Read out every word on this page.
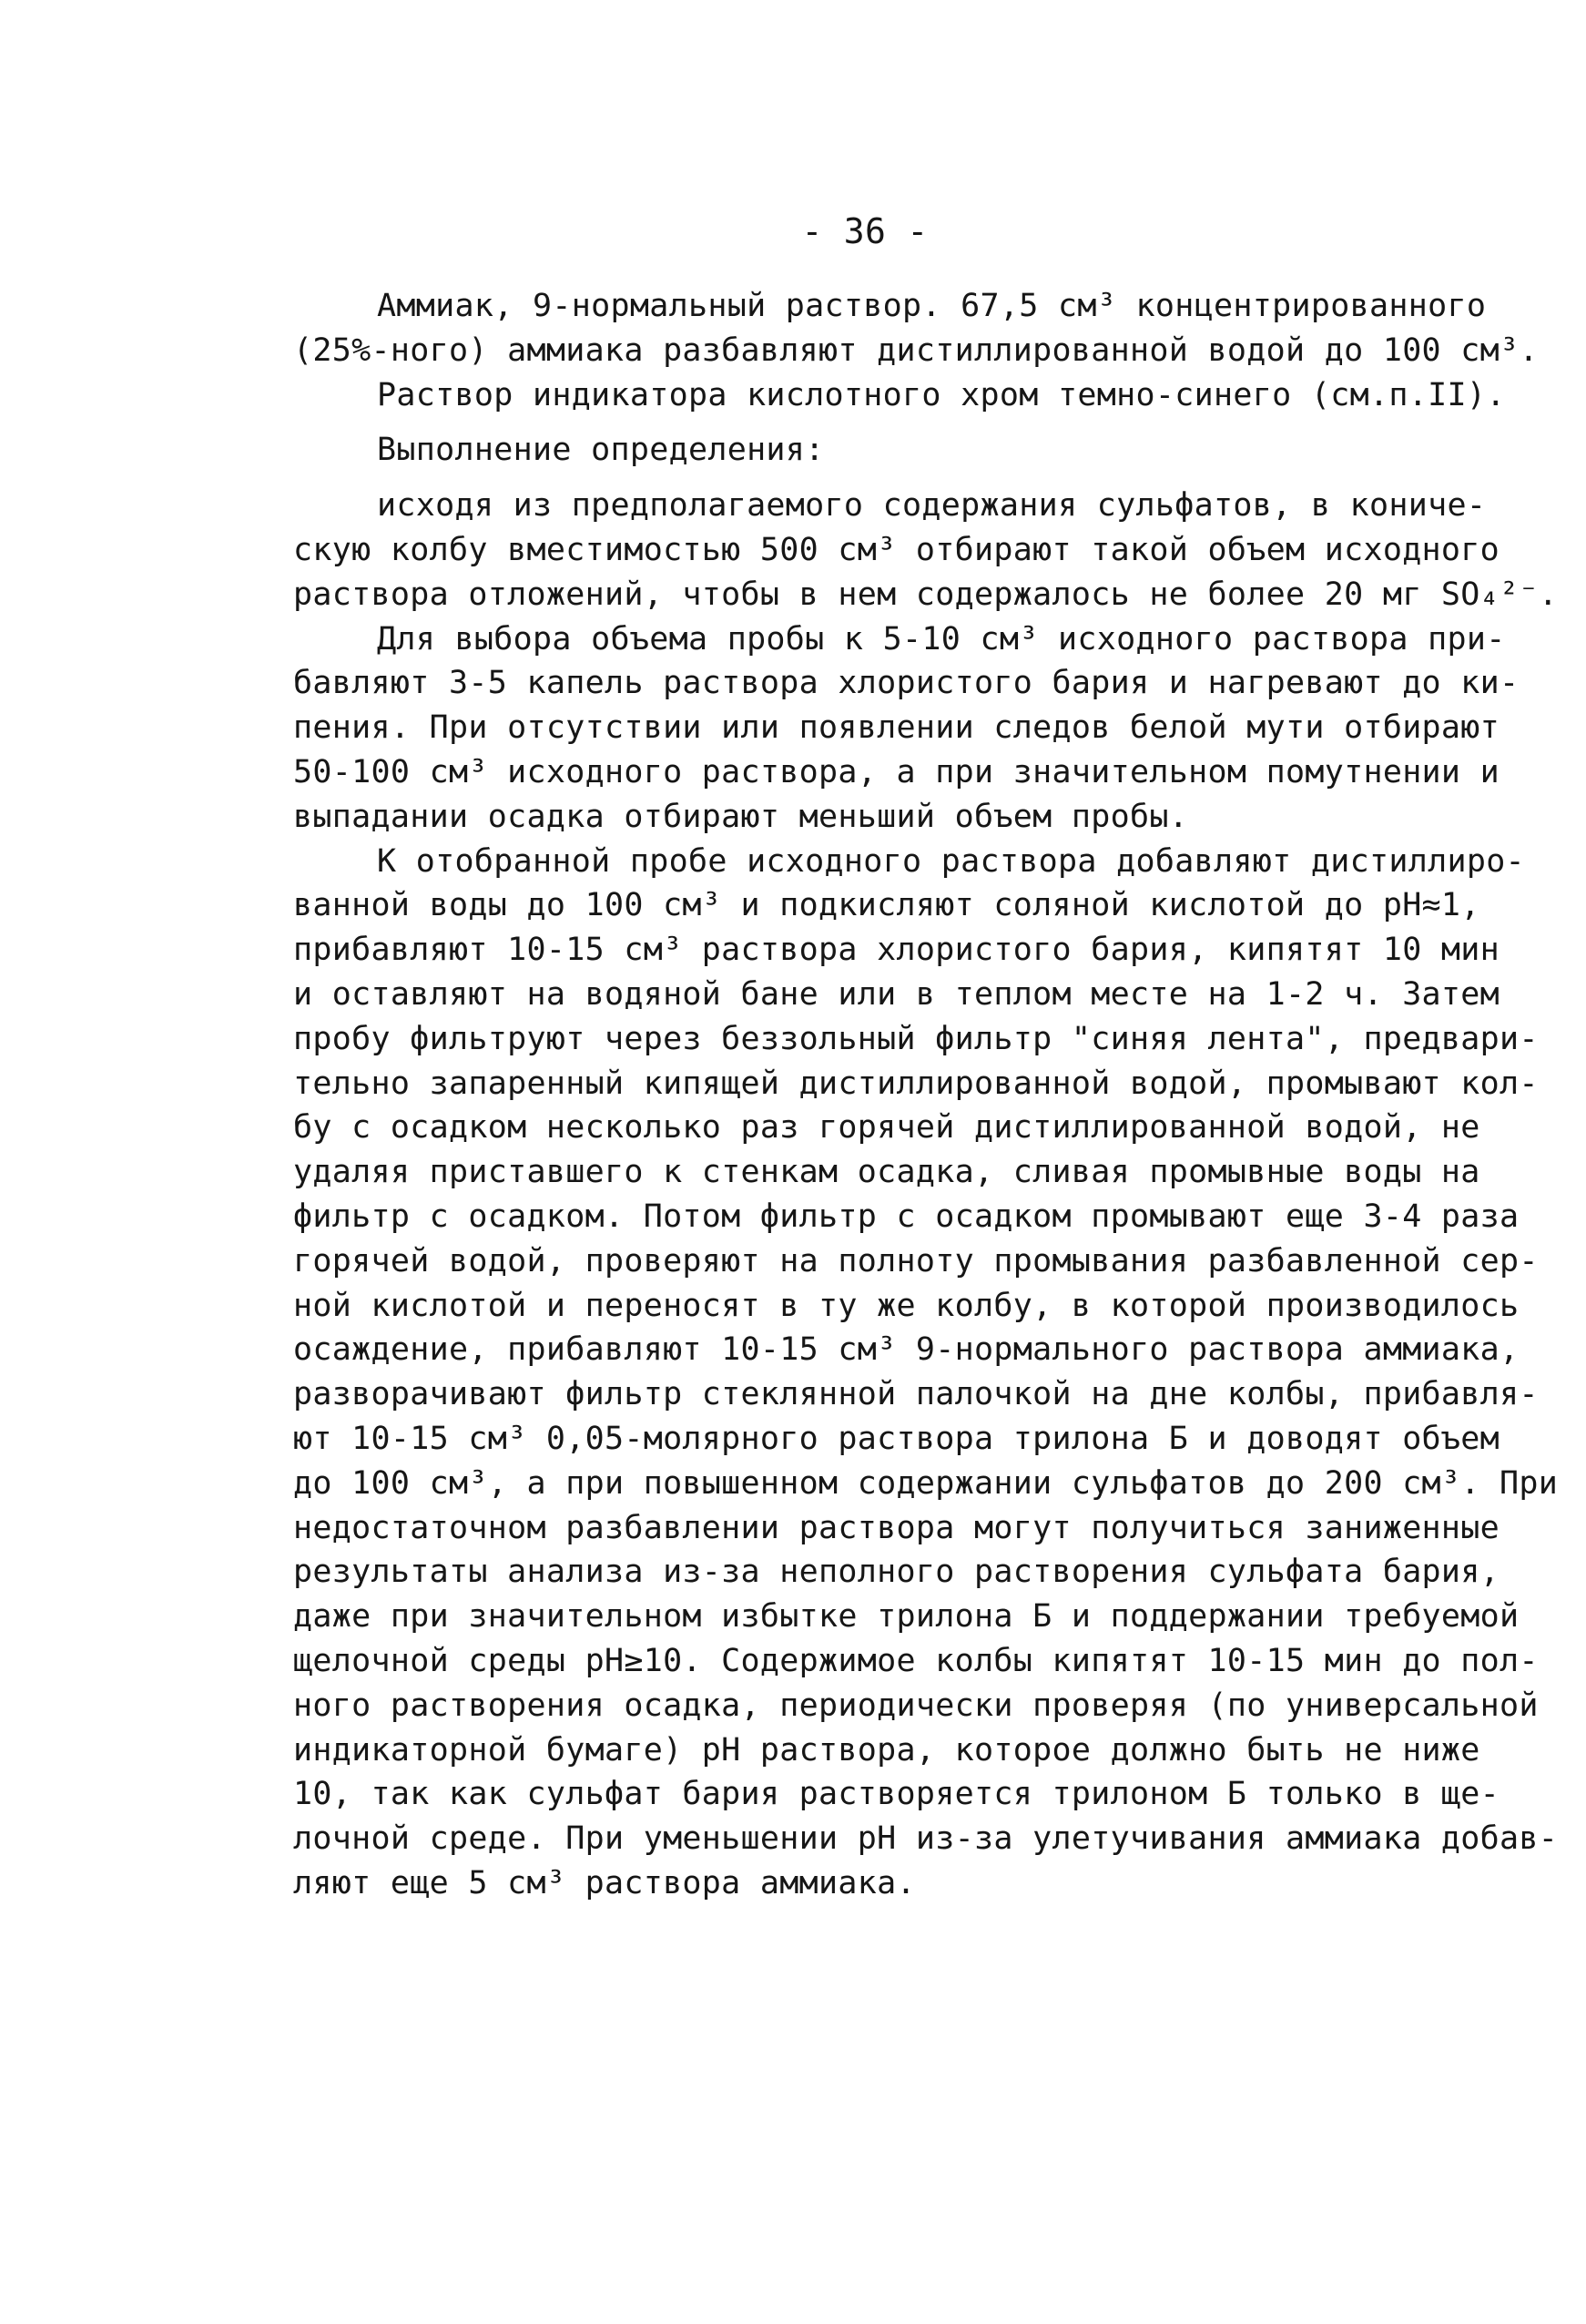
- 36 -
Аммиак, 9-нормальный раствор. 67,5 см³ концентрированного
(25%-ного) аммиака разбавляют дистиллированной водой до 100 см³.
Раствор индикатора кислотного хром темно-синего (см.п.II).
Выполнение определения:
исходя из предполагаемого содержания сульфатов, в кониче-
скую колбу вместимостью 500 см³ отбирают такой объем исходного
раствора отложений, чтобы в нем содержалось не более 20 мг SO₄²⁻.
Для выбора объема пробы к 5-10 см³ исходного раствора при-
бавляют 3-5 капель раствора хлористого бария и нагревают до ки-
пения. При отсутствии или появлении следов белой мути отбирают
50-100 см³ исходного раствора, а при значительном помутнении и
выпадании осадка отбирают меньший объем пробы.
К отобранной пробе исходного раствора добавляют дистиллиро-
ванной воды до 100 см³ и подкисляют соляной кислотой до pH≈1,
прибавляют 10-15 см³ раствора хлористого бария, кипятят 10 мин
и оставляют на водяной бане или в теплом месте на 1-2 ч. Затем
пробу фильтруют через беззольный фильтр "синяя лента", предвари-
тельно запаренный кипящей дистиллированной водой, промывают кол-
бу с осадком несколько раз горячей дистиллированной водой, не
удаляя приставшего к стенкам осадка, сливая промывные воды на
фильтр с осадком. Потом фильтр с осадком промывают еще 3-4 раза
горячей водой, проверяют на полноту промывания разбавленной сер-
ной кислотой и переносят в ту же колбу, в которой производилось
осаждение, прибавляют 10-15 см³ 9-нормального раствора аммиака,
разворачивают фильтр стеклянной палочкой на дне колбы, прибавля-
ют 10-15 см³ 0,05-молярного раствора трилона Б и доводят объем
до 100 см³, а при повышенном содержании сульфатов до 200 см³. При
недостаточном разбавлении раствора могут получиться заниженные
результаты анализа из-за неполного растворения сульфата бария,
даже при значительном избытке трилона Б и поддержании требуемой
щелочной среды pH≥10. Содержимое колбы кипятят 10-15 мин до пол-
ного растворения осадка, периодически проверяя (по универсальной
индикаторной бумаге) pH раствора, которое должно быть не ниже
10, так как сульфат бария растворяется трилоном Б только в ще-
лочной среде. При уменьшении pH из-за улетучивания аммиака добав-
ляют еще 5 см³ раствора аммиака.
